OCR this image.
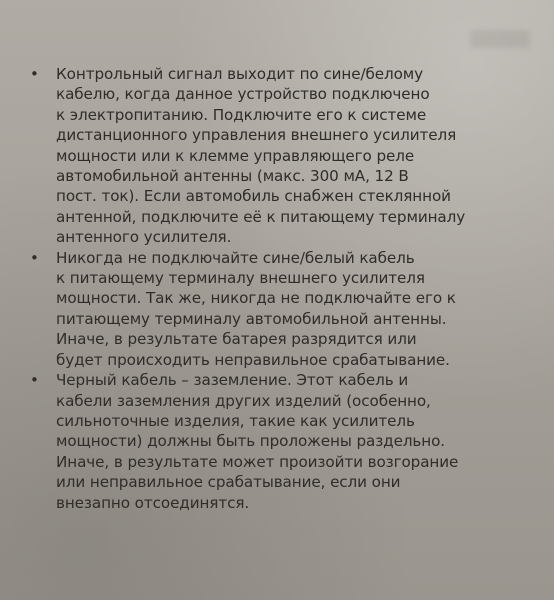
•	Контрольный сигнал выходит по сине/белому
кабелю, когда данное устройство подключено
к электропитанию. Подключите его к системе
дистанционного управления внешнего усилителя
мощности или к клемме управляющего реле
автомобильной антенны (макс. 300 мА, 12 В
пост. ток). Если автомобиль снабжен стеклянной
антенной, подключите её к питающему терминалу
антенного усилителя.
•	Никогда не подключайте сине/белый кабель
к питающему терминалу внешнего усилителя
мощности. Так же, никогда не подключайте его к
питающему терминалу автомобильной антенны.
Иначе, в результате батарея разрядится или
будет происходить неправильное срабатывание.
•	Черный кабель – заземление. Этот кабель и
кабели заземления других изделий (особенно,
сильноточные изделия, такие как усилитель
мощности) должны быть проложены раздельно.
Иначе, в результате может произойти возгорание
или неправильное срабатывание, если они
внезапно отсоединятся.
